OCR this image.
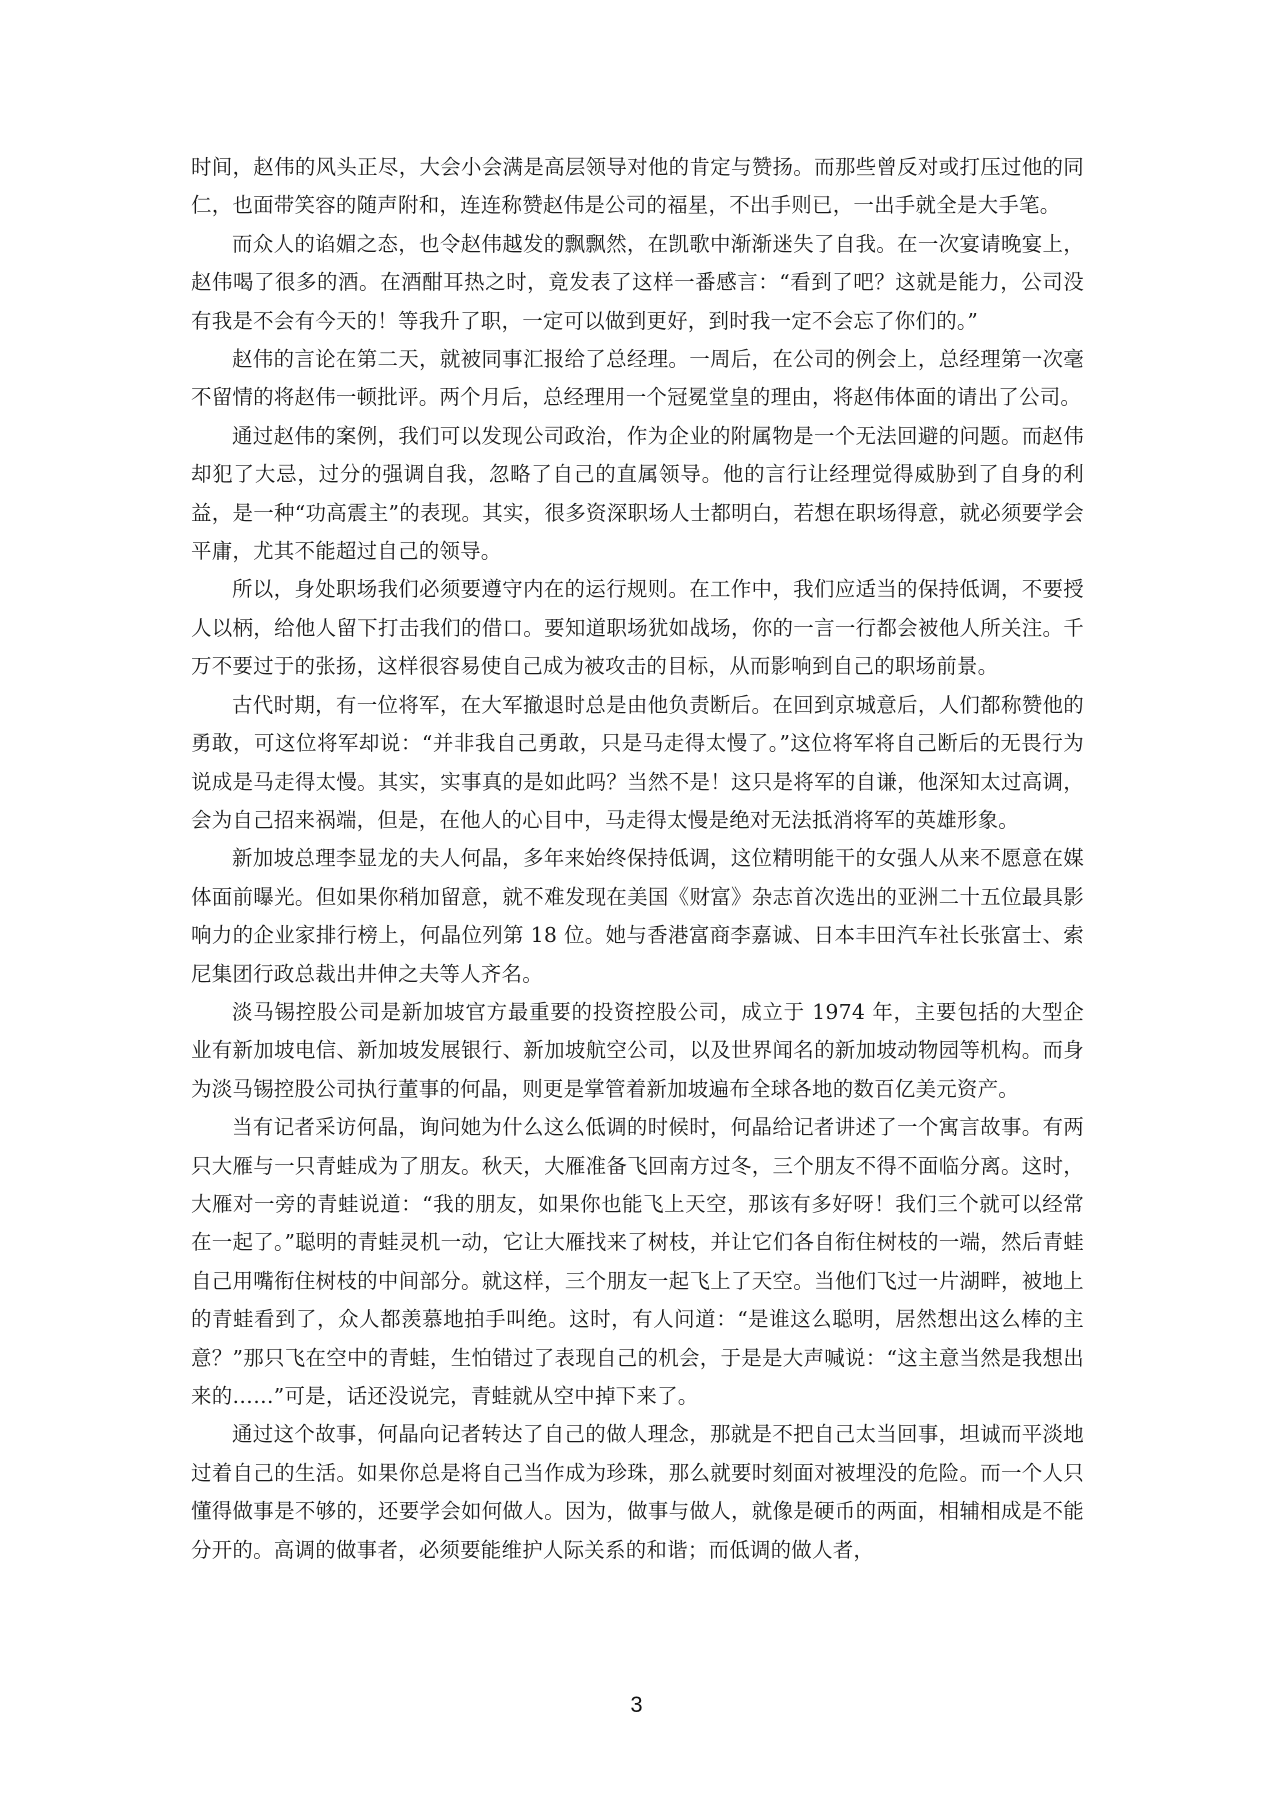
时间，赵伟的风头正尽，大会小会满是高层领导对他的肯定与赞扬。而那些曾反对或打压过他的同仁，也面带笑容的随声附和，连连称赞赵伟是公司的福星，不出手则已，一出手就全是大手笔。

而众人的谄媚之态，也令赵伟越发的飘飘然，在凯歌中渐渐迷失了自我。在一次宴请晚宴上，赵伟喝了很多的酒。在酒酣耳热之时，竟发表了这样一番感言：“看到了吧？这就是能力，公司没有我是不会有今天的！等我升了职，一定可以做到更好，到时我一定不会忘了你们的。”

赵伟的言论在第二天，就被同事汇报给了总经理。一周后，在公司的例会上，总经理第一次毫不留情的将赵伟一顿批评。两个月后，总经理用一个冠冕堂皇的理由，将赵伟体面的请出了公司。

通过赵伟的案例，我们可以发现公司政治，作为企业的附属物是一个无法回避的问题。而赵伟却犯了大忌，过分的强调自我，忽略了自己的直属领导。他的言行让经理觉得威胁到了自身的利益，是一种“功高震主”的表现。其实，很多资深职场人士都明白，若想在职场得意，就必须要学会平庸，尤其不能超过自己的领导。

所以，身处职场我们必须要遵守内在的运行规则。在工作中，我们应适当的保持低调，不要授人以柄，给他人留下打击我们的借口。要知道职场犹如战场，你的一言一行都会被他人所关注。千万不要过于的张扬，这样很容易使自己成为被攻击的目标，从而影响到自己的职场前景。

古代时期，有一位将军，在大军撤退时总是由他负责断后。在回到京城意后，人们都称赞他的勇敢，可这位将军却说：“并非我自己勇敢，只是马走得太慢了。”这位将军将自己断后的无畏行为说成是马走得太慢。其实，实事真的是如此吗？当然不是！这只是将军的自谦，他深知太过高调，会为自己招来祸端，但是，在他人的心目中，马走得太慢是绝对无法抵消将军的英雄形象。

新加坡总理李显龙的夫人何晶，多年来始终保持低调，这位精明能干的女强人从来不愿意在媒体面前曝光。但如果你稍加留意，就不难发现在美国《财富》杂志首次选出的亚洲二十五位最具影响力的企业家排行榜上，何晶位列第 18 位。她与香港富商李嘉诚、日本丰田汽车社长张富士、索尼集团行政总裁出井伸之夫等人齐名。

淡马锡控股公司是新加坡官方最重要的投资控股公司，成立于 1974 年，主要包括的大型企业有新加坡电信、新加坡发展银行、新加坡航空公司，以及世界闻名的新加坡动物园等机构。而身为淡马锡控股公司执行董事的何晶，则更是掌管着新加坡遍布全球各地的数百亿美元资产。

当有记者采访何晶，询问她为什么这么低调的时候时，何晶给记者讲述了一个寓言故事。有两只大雁与一只青蛙成为了朋友。秋天，大雁准备飞回南方过冬，三个朋友不得不面临分离。这时，大雁对一旁的青蛙说道：“我的朋友，如果你也能飞上天空，那该有多好呀！我们三个就可以经常在一起了。”聪明的青蛙灵机一动，它让大雁找来了树枝，并让它们各自衔住树枝的一端，然后青蛙自己用嘴衔住树枝的中间部分。就这样，三个朋友一起飞上了天空。当他们飞过一片湖畔，被地上的青蛙看到了，众人都羡慕地拍手叫绝。这时，有人问道：“是谁这么聪明，居然想出这么棒的主意？”那只飞在空中的青蛙，生怕错过了表现自己的机会，于是是大声喊说：“这主意当然是我想出来的……”可是，话还没说完，青蛙就从空中掉下来了。

通过这个故事，何晶向记者转达了自己的做人理念，那就是不把自己太当回事，坦诚而平淡地过着自己的生活。如果你总是将自己当作成为珍珠，那么就要时刻面对被埋没的危险。而一个人只懂得做事是不够的，还要学会如何做人。因为，做事与做人，就像是硬币的两面，相辅相成是不能分开的。高调的做事者，必须要能维护人际关系的和谐；而低调的做人者，

3
